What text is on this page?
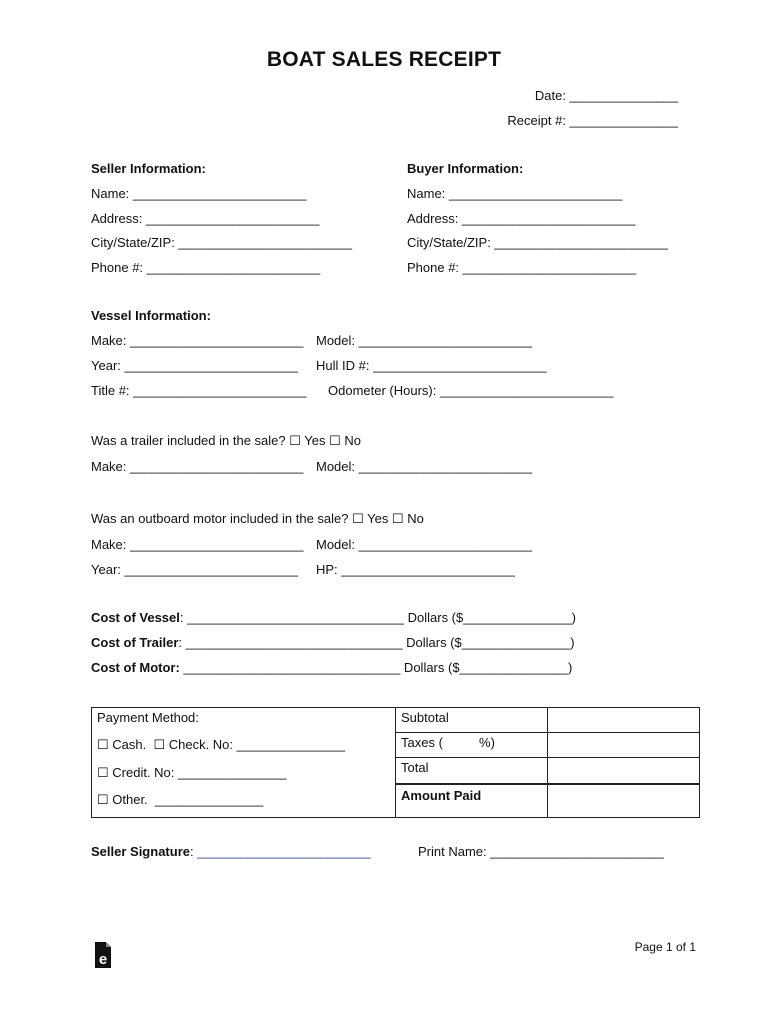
BOAT SALES RECEIPT
Date: _______________
Receipt #: _______________
Seller Information:
Name: ________________________
Address: ________________________
City/State/ZIP: ________________________
Phone #: ________________________
Buyer Information:
Name: ________________________
Address: ________________________
City/State/ZIP: ________________________
Phone #: ________________________
Vessel Information:
Make: ________________________ Model: ________________________
Year: ________________________ Hull ID #: ________________________
Title #: ________________________ Odometer (Hours): ________________________
Was a trailer included in the sale? ☐ Yes ☐ No
Make: ________________________ Model: ________________________
Was an outboard motor included in the sale? ☐ Yes ☐ No
Make: ________________________ Model: ________________________
Year: ________________________ HP: ________________________
Cost of Vessel: ______________________________ Dollars ($_______________)
Cost of Trailer: ______________________________ Dollars ($_______________)
Cost of Motor: ______________________________ Dollars ($_______________)
Payment Method:	Subtotal	
☐ Cash.  ☐ Check. No: _______________	Taxes (          %)	
☐ Credit. No: _______________	Total	
☐ Other.  _______________	Amount Paid	
Seller Signature: ________________________	Print Name: ________________________
e
Page 1 of 1
